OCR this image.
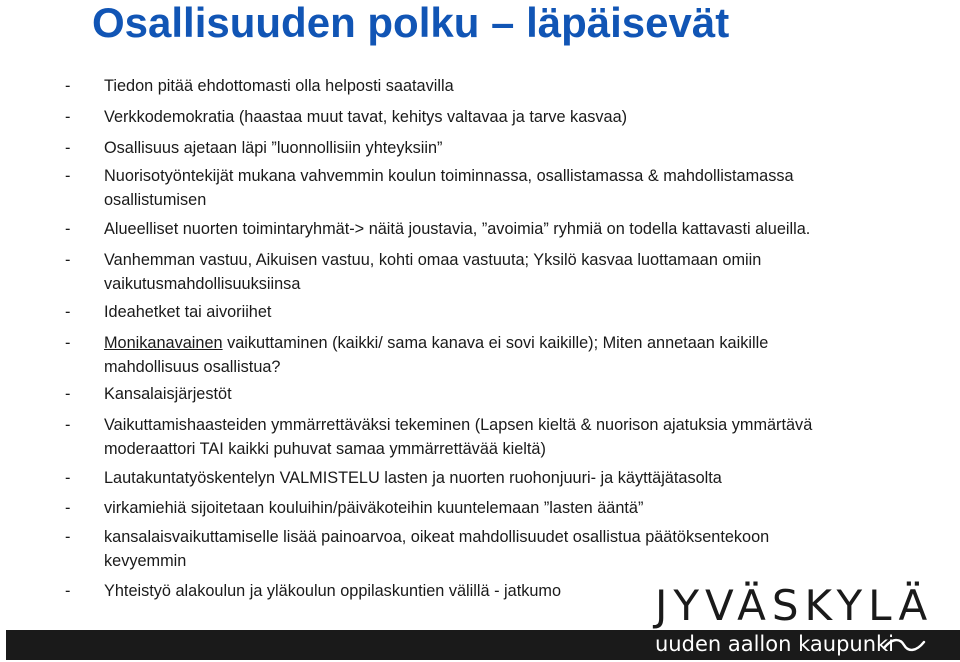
Osallisuuden polku – läpäisevät
- Tiedon pitää ehdottomasti olla helposti saatavilla
- Verkkodemokratia (haastaa muut tavat, kehitys valtavaa ja tarve kasvaa)
- Osallisuus ajetaan läpi ”luonnollisiin yhteyksiin”
- Nuorisotyöntekijät mukana vahvemmin koulun toiminnassa, osallistamassa & mahdollistamassa
osallistumisen
- Alueelliset nuorten toimintaryhmät-> näitä joustavia, ”avoimia” ryhmiä on todella kattavasti alueilla.
- Vanhemman vastuu, Aikuisen vastuu, kohti omaa vastuuta; Yksilö kasvaa luottamaan omiin
vaikutusmahdollisuuksiinsa
- Ideahetket tai aivoriihet
- Monikanavainen vaikuttaminen (kaikki/ sama kanava ei sovi kaikille); Miten annetaan kaikille
mahdollisuus osallistua?
- Kansalaisjärjestöt
- Vaikuttamishaasteiden ymmärrettäväksi tekeminen (Lapsen kieltä & nuorison ajatuksia ymmärtävä
moderaattori TAI kaikki puhuvat samaa ymmärrettävää kieltä)
- Lautakuntatyöskentelyn VALMISTELU lasten ja nuorten ruohonjuuri- ja käyttäjätasolta
- virkamiehiä sijoitetaan kouluihin/päiväkoteihin kuuntelemaan ”lasten ääntä”
- kansalaisvaikuttamiselle lisää painoarvoa, oikeat mahdollisuudet osallistua päätöksentekoon
kevyemmin
- Yhteistyö alakoulun ja yläkoulun oppilaskuntien välillä - jatkumo JYVÄSKYLÄ
uuden aallon kaupunki
